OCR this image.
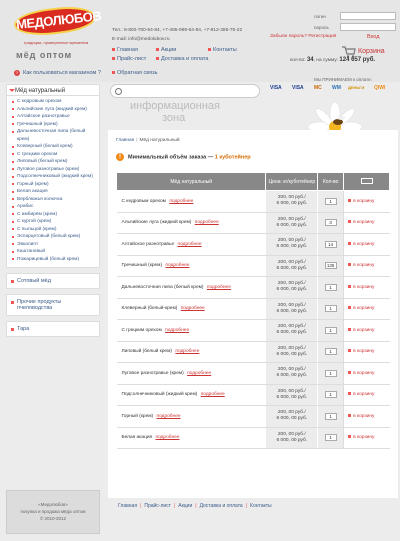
МЕДОЛЮБОВ
традиции, проверенные временем
мёд оптом
? Как пользоваться магазином ?
Тел.: 8-800-700-94-84, +7-495-989-64-84, +7-812-385-75-22
E-mail: info@medolubov.ru
Главная	Акции	Контакты
Прайс-лист	Доставка и оплата
Обратная связь
логин
пароль
Забыли пароль? Регистрация	Вход
Корзина
кол-во: 34, на сумму: 124 657 руб.
Мы ПРИНИМАЕМ к оплате:
VISA VISA MC WM ДЕНЬГИ QIWI
Мёд натуральный
С кедровым орехом
Альпийские луга (жидкий крем)
Алтайское разнотравье
Гречишный (крем)
Дальневосточная липа (белый крем)
Клеверный (белый крем)
С грецким орехом
Липовый (белый крем)
Луговое разнотравье (крем)
Подсолнечниковый (жидкий крем)
Горный (крем)
Белая акация
Верблюжья колючка
Арабис
С имбирём (крем)
С кургой (крем)
С пыльцой (крем)
Эспарцетовый (белый крем)
Эвкалипт
Каштановый
Пожарицевый (белый крем)
Сотовый мёд
Прочие продукты пчеловодства
Тара
информационная
зона
Главная | Мёд натуральный
! Минимальный объём заказа — 1 куботейнер
Мёд натуральный	Цена: кг/куботейнер	Кол-во	
С кедровым орехом подробнее	200, 00 руб./
6 000, 00 руб.	1	в корзину
Альпийские луга (жидкий крем) подробнее	200, 00 руб./
6 000, 00 руб.	3	в корзину
Алтайское разнотравье подробнее	200, 00 руб./
6 000, 00 руб.	14	в корзину
Гречишный (крем) подробнее	200, 00 руб./
6 000, 00 руб.	135	в корзину
Дальневосточная липа (белый крем) подробнее	200, 00 руб./
6 000, 00 руб.	1	в корзину
Клеверный (белый-крем) подробнее	200, 00 руб./
6 000, 00 руб.	1	в корзину
С грецким орехом подробнее	200, 00 руб./
6 000, 00 руб.	1	в корзину
Липовый (белый крем) подробнее	200, 00 руб./
6 000, 00 руб.	1	в корзину
Луговое разнотравье (крем) подробнее	200, 00 руб./
6 000, 00 руб.	1	в корзину
Подсолнечниковый (жидкий крем) подробнее	200, 00 руб./
6 000, 00 руб.	1	в корзину
Горный (крем) подробнее	200, 00 руб./
6 000, 00 руб.	1	в корзину
Белая акация подробнее	200, 00 руб./
6 000, 00 руб.	1	в корзину
«Медолюбов»
покупка и продажа мёда оптом
© 2010-2012
Главная | Прайс-лист | Акции | Доставка и оплата | Контакты
